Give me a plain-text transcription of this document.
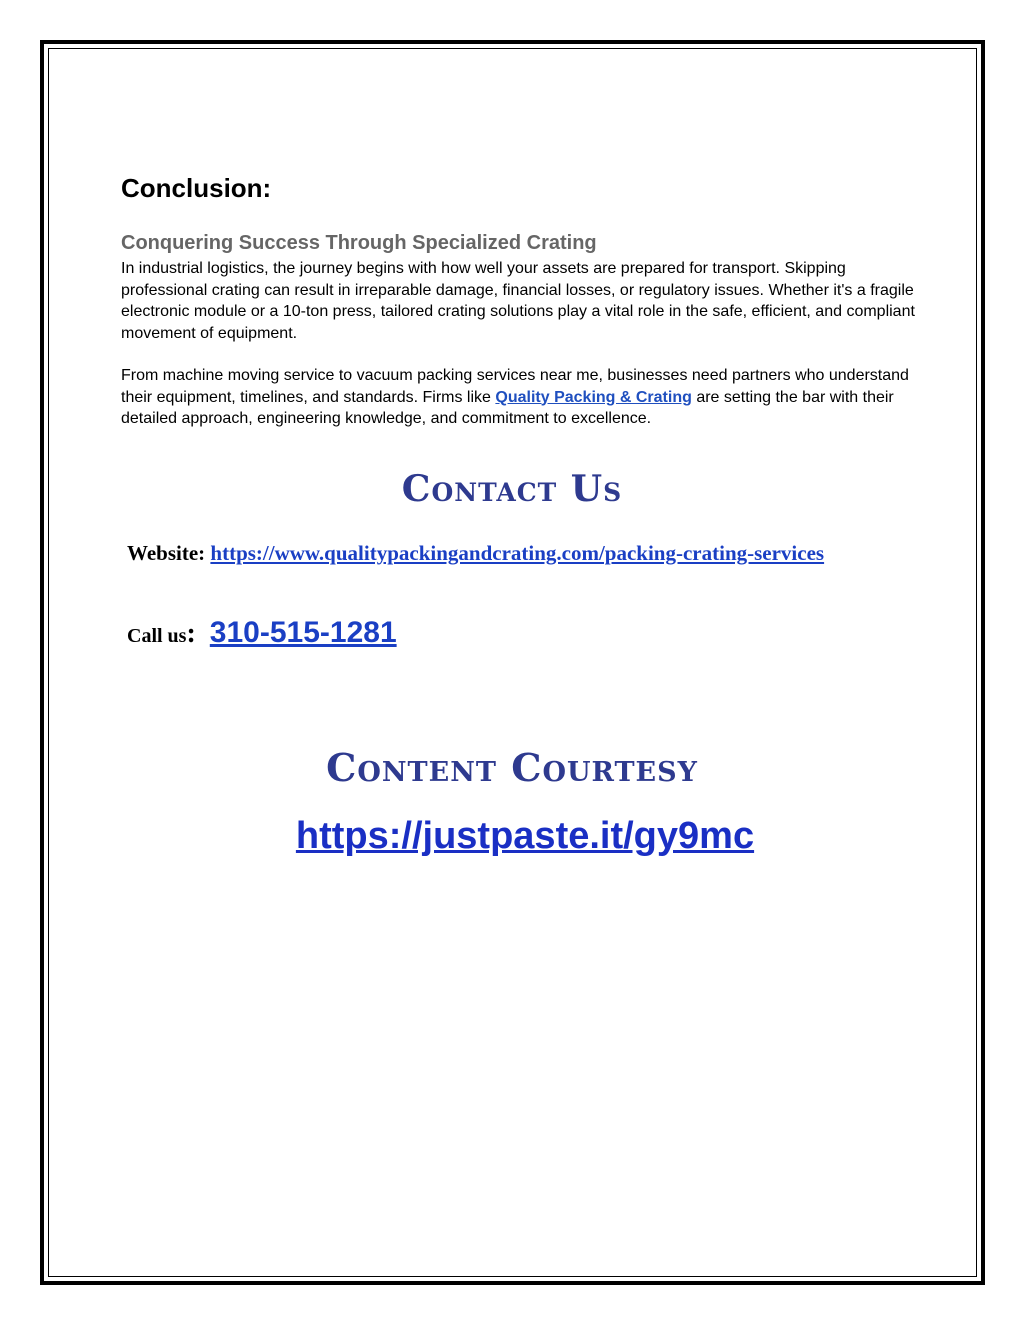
Conclusion:
Conquering Success Through Specialized Crating

In industrial logistics, the journey begins with how well your assets are prepared for transport. Skipping professional crating can result in irreparable damage, financial losses, or regulatory issues. Whether it's a fragile electronic module or a 10-ton press, tailored crating solutions play a vital role in the safe, efficient, and compliant movement of equipment.

From machine moving service to vacuum packing services near me, businesses need partners who understand their equipment, timelines, and standards. Firms like Quality Packing & Crating are setting the bar with their detailed approach, engineering knowledge, and commitment to excellence.

Contact Us
Website: https://www.qualitypackingandcrating.com/packing-crating-services
Call us: 310-515-1281
Content Courtesy
https://justpaste.it/gy9mc
